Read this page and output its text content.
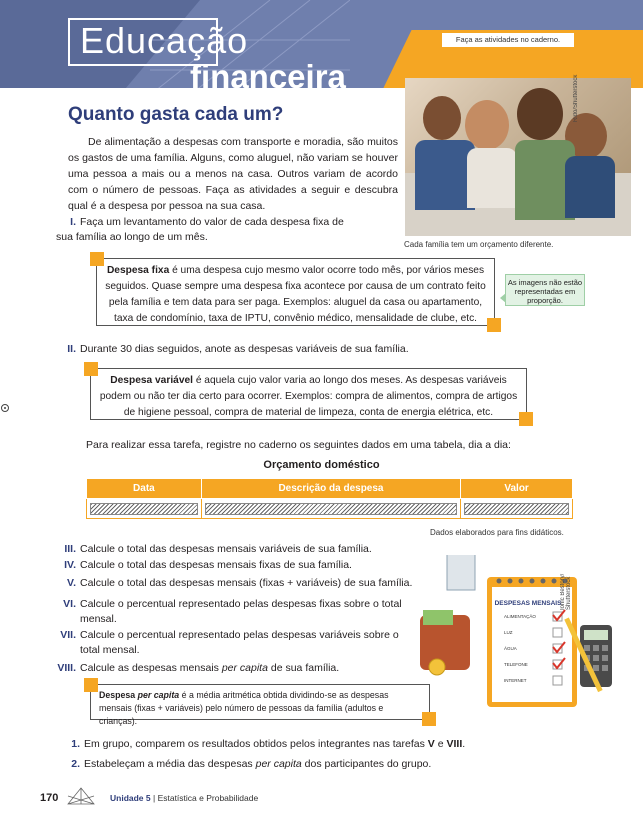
Educação
financeira
Faça as atividades no caderno.
Rido/Shutterstock
Cada família tem um orçamento diferente.
Quanto gasta cada um?

De alimentação a despesas com transporte e moradia, são muitos os gastos de uma família. Alguns, como aluguel, não variam se houver uma pessoa a mais ou a menos na casa. Outros variam de acordo com o número de pessoas. Faça as atividades a seguir e descubra qual é a despesa por pessoa na sua casa.

I. Faça um levantamento do valor de cada despesa fixa de sua família ao longo de um mês.
Despesa fixa é uma despesa cujo mesmo valor ocorre todo mês, por vários meses seguidos. Quase sempre uma despesa fixa acontece por causa de um contrato feito pela família e tem data para ser paga. Exemplos: aluguel da casa ou apartamento, taxa de condomínio, taxa de IPTU, convênio médico, mensalidade de clube, etc.
As imagens não estão representadas em proporção.
II. Durante 30 dias seguidos, anote as despesas variáveis de sua família.
Despesa variável é aquela cujo valor varia ao longo dos meses. As despesas variáveis podem ou não ter dia certo para ocorrer. Exemplos: compra de alimentos, compra de artigos de higiene pessoal, compra de material de limpeza, conta de energia elétrica, etc.
Para realizar essa tarefa, registre no caderno os seguintes dados em uma tabela, dia a dia:
Orçamento doméstico
Data	Descrição da despesa	Valor

Dados elaborados para fins didáticos.
III. Calcule o total das despesas mensais variáveis de sua família.
IV. Calcule o total das despesas mensais fixas de sua família.
V. Calcule o total das despesas mensais (fixas + variáveis) de sua família.
VI. Calcule o percentual representado pelas despesas fixas sobre o total mensal.
VII. Calcule o percentual representado pelas despesas variáveis sobre o total mensal.
VIII. Calcule as despesas mensais per capita de sua família.
Despesa per capita é a média aritmética obtida dividindo-se as despesas mensais (fixas + variáveis) pelo número de pessoas da família (adultos e crianças).
DESPESAS MENSAIS
ALIMENTAÇÃO
LUZ
ÁGUA
TELEFONE
INTERNET
Ionic Bestory/ Shutterstock
1. Em grupo, comparem os resultados obtidos pelos integrantes nas tarefas V e VIII.
2. Estabeleçam a média das despesas per capita dos participantes do grupo.
170	Unidade 5 | Estatística e Probabilidade
